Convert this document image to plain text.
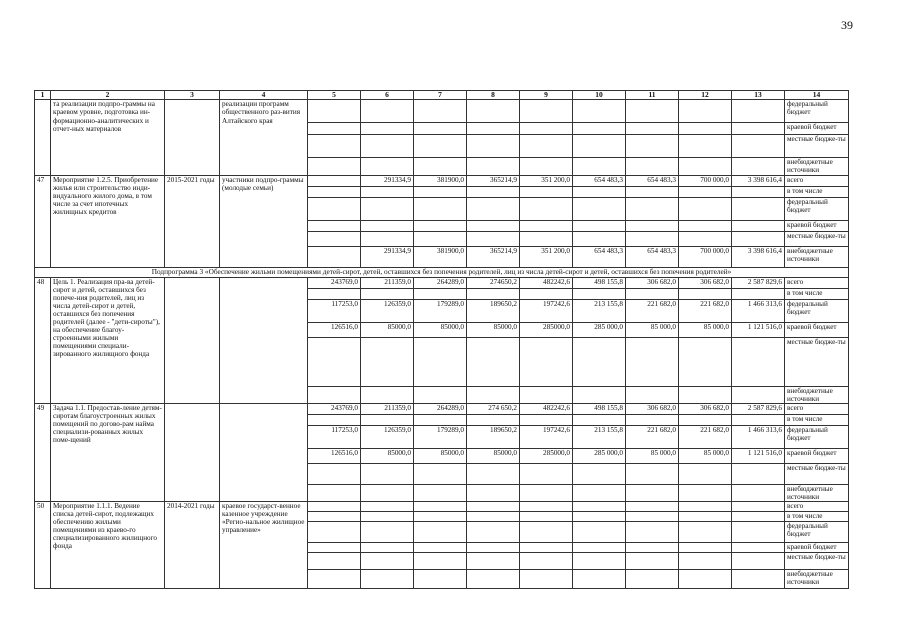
39
1	2	3	4	5	6	7	8	9	10	11	12	13	14
	та реализации подпро-граммы на краевом уровне, подготовка ин-формационно-аналитических и отчет-ных материалов		реализации программ общественного раз-вития Алтайского края										федеральный бюджет
													краевой бюджет
													местные бюдже-ты
													внебюджетные источники
47	Мероприятие 1.2.5. Приобретение жилья или строительство инди-видуального жилого дома, в том числе за счет ипотечных жилищных кредитов	2015-2021 годы	участники подпро-граммы (молодые семьи)		291334,9	381900,0	365214,9	351 200,0	654 483,3	654 483,3	700 000,0	3 398 616,4	всего
													в том числе
													федеральный бюджет
													краевой бюджет
													местные бюдже-ты
					291334,9	381900,0	365214,9	351 200,0	654 483,3	654 483,3	700 000,0	3 398 616,4	внебюджетные источники
Подпрограмма 3 «Обеспечение жильми помещениями детей-сирот, детей, оставшихся без попечения родителей, лиц из числа детей-сирот и детей, оставшихся без попечения родителей»													
48	Цель 1. Реализация пра-ва детей-сирот и детей, оставшихся без попече-ния родителей, лиц из числа детей-сирот и детей, оставшихся без попечения родителей (далее - "дети-сироты"), на обеспечение благоу-строенными жилыми помещениями специали-зированного жилищного фонда			243769,0	211359,0	264289,0	274650,2	482242,6	498 155,8	306 682,0	306 682,0	2 587 829,6	всего
													в том числе
				117253,0	126359,0	179289,0	189650,2	197242,6	213 155,8	221 682,0	221 682,0	1 466 313,6	федеральный бюджет
				126516,0	85000,0	85000,0	85000,0	285000,0	285 000,0	85 000,0	85 000,0	1 121 516,0	краевой бюджет
													местные бюдже-ты
													внебюджетные источники
49	Задача 1.1. Предостав-ление детям-сиротам благоустроенных жилых помещений по догово-рам найма специализи-рованных жилых поме-щений			243769,0	211359,0	264289,0	274 650,2	482242,6	498 155,8	306 682,0	306 682,0	2 587 829,6	всего
													в том числе
				117253,0	126359,0	179289,0	189650,2	197242,6	213 155,8	221 682,0	221 682,0	1 466 313,6	федеральный бюджет
				126516,0	85000,0	85000,0	85000,0	285000,0	285 000,0	85 000,0	85 000,0	1 121 516,0	краевой бюджет
													местные бюдже-ты
													внебюджетные источники
50	Мероприятие 1.1.1. Ведение списка детей-сирот, подлежащих обеспечению жилыми помещениями из краево-го специализированного жилищного фонда	2014-2021 годы	краевое государст-венное казенное учреждение «Регио-нальное жилищное управление»										всего
													в том числе
													федеральный бюджет
													краевой бюджет
													местные бюдже-ты
													внебюджетные источники
